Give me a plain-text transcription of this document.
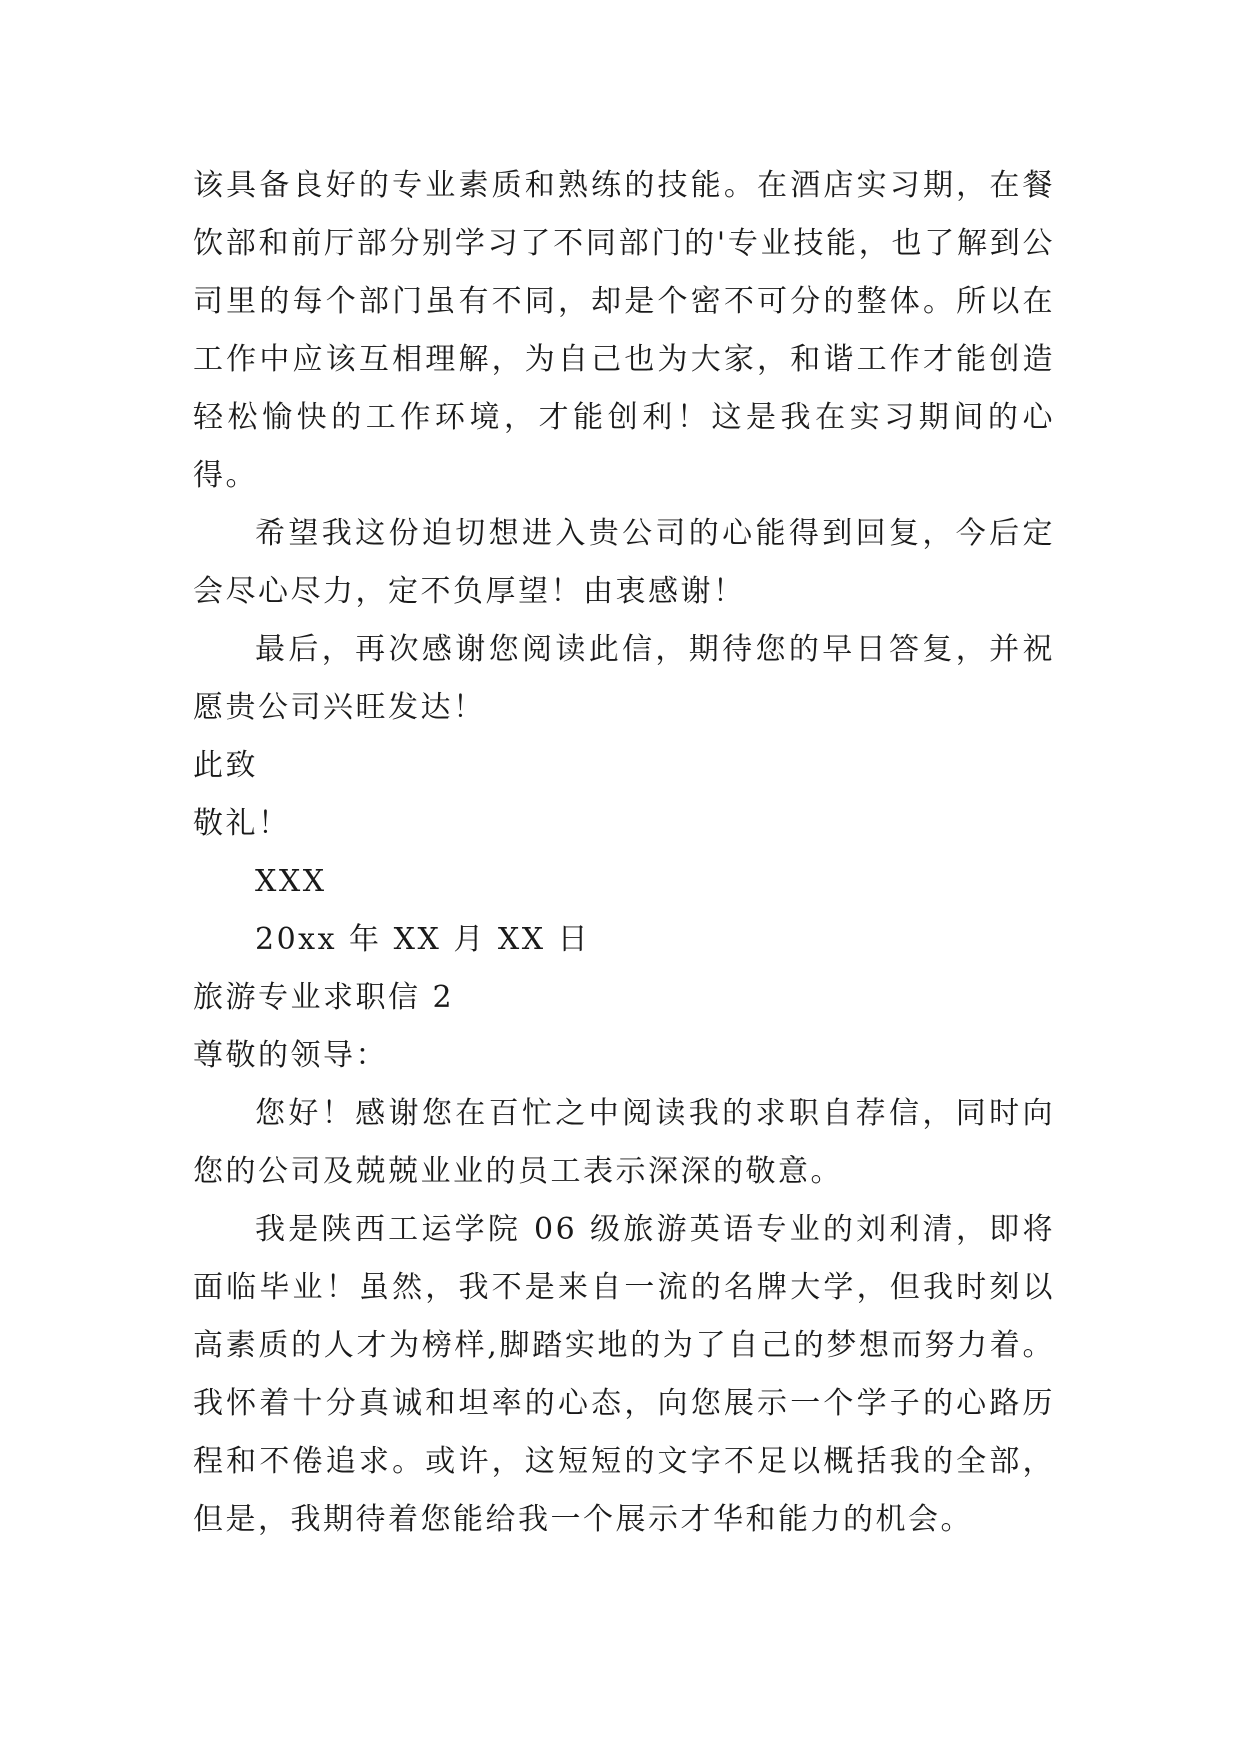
该具备良好的专业素质和熟练的技能。在酒店实习期，在餐饮部和前厅部分别学习了不同部门的'专业技能，也了解到公司里的每个部门虽有不同，却是个密不可分的整体。所以在工作中应该互相理解，为自己也为大家，和谐工作才能创造轻松愉快的工作环境，才能创利！这是我在实习期间的心得。

希望我这份迫切想进入贵公司的心能得到回复，今后定会尽心尽力，定不负厚望！由衷感谢！

最后，再次感谢您阅读此信，期待您的早日答复，并祝愿贵公司兴旺发达！

此致

敬礼！

XXX

20xx 年 XX 月 XX 日

旅游专业求职信 2

尊敬的领导：

您好！感谢您在百忙之中阅读我的求职自荐信，同时向您的公司及兢兢业业的员工表示深深的敬意。

我是陕西工运学院 06 级旅游英语专业的刘利清，即将面临毕业！虽然，我不是来自一流的名牌大学，但我时刻以高素质的人才为榜样,脚踏实地的为了自己的梦想而努力着。我怀着十分真诚和坦率的心态，向您展示一个学子的心路历程和不倦追求。或许，这短短的文字不足以概括我的全部，但是，我期待着您能给我一个展示才华和能力的机会。
